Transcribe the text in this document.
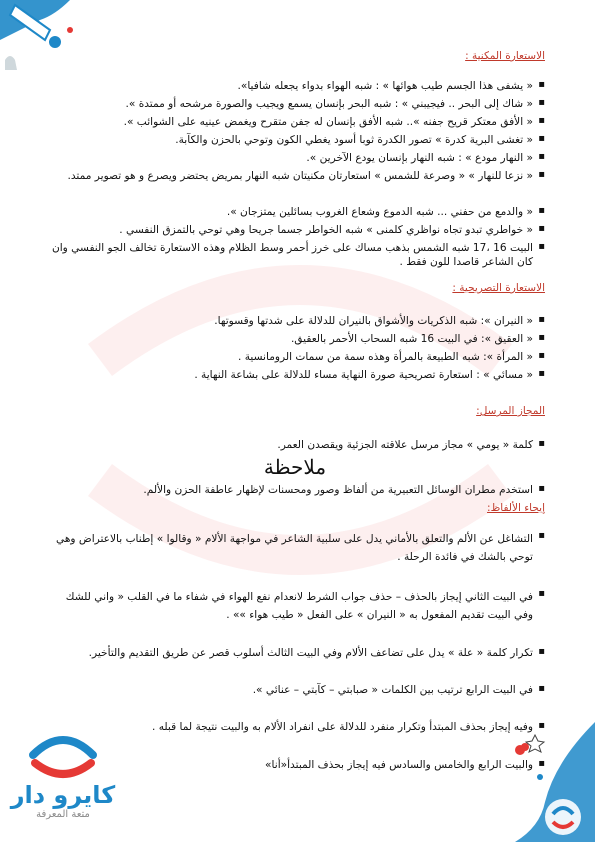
الاستعارة المكنية :
▪
« يشفى هذا الجسم طيب هوائها » : شبه الهواء بدواء يجعله شافيا».
▪
« شاك إلى البحر .. فيجيبني » : شبه البحر بإنسان يسمع ويجيب والصورة مرشحه أو ممتدة ».
▪
« الأفق معتكر قريح جفنه ».. شبه الأفق بإنسان له جفن متقرح ويغمض عينيه على الشوائب ».
▪
« تغشى البرية كدرة » تصور الكدرة ثوبا أسود يغطي الكون وتوحي بالحزن والكآبة.
▪
« النهار مودع » : شبه النهار بإنسان يودع الآخرين ».
▪
« نزعا للنهار » « وصرعة للشمس » استعارتان مكنيتان شبه النهار بمريض يحتضر ويصرع و هو تصوير ممتد.
▪
« والدمع من حفني ... شبه الدموع وشعاع الغروب بسائلين يمتزجان ».
▪
« خواطري تبدو تجاه نواظري كلمنى » شبه الخواطر جسما جريحا وهي توحي بالتمزق النفسي .
▪
البيت 16 ،17 شبه الشمس بذهب مساك على خرز أحمر وسط الظلام وهذه الاستعارة تخالف الجو النفسي وان كان الشاعر قاصدا للون فقط .
الاستعارة التصريحية :
▪
« النيران »: شبه الذكريات والأشواق بالنيران للدلالة على شدتها وقسوتها.
▪
« العقيق »: في البيت 16 شبه السحاب الأحمر بالعقيق.
▪
« المرأة »: شبه الطبيعة بالمرأة وهذه سمة من سمات الرومانسية .
▪
« مسائي » : استعارة تصريحية صورة النهاية مساء للدلالة على بشاعة النهاية .
المجاز المرسل:
▪
كلمة « يومي » مجاز مرسل علاقته الجزئية ويقصدن العمر.
ملاحظة
▪
استخدم مطران الوسائل التعبيرية من ألفاظ وصور ومحسنات لإظهار عاطفة الحزن والألم.
إيحاء الألفاظ:
▪
التشاغل عن الألم والتعلق بالأماني يدل على سلبية الشاعر في مواجهة الألام « وقالوا » إطناب بالاعتراض وهي توحي بالشك في فائدة الرحلة .
▪
في البيت الثاني إيجاز بالحذف – حذف جواب الشرط لانعدام نفع الهواء في شفاء ما في القلب « واني للشك وفي البيت تقديم المفعول به « النيران » على الفعل « طيب هواء »» .
▪
تكرار كلمة « علة » يدل على تضاعف الألام وفي البيت الثالث أسلوب قصر عن طريق التقديم والتأخير.
▪
في البيت الرابع ترتيب بين الكلمات « صبابتي – كآبتي – عنائي ».
▪
وفيه إيجاز بحذف المبتدأ وتكرار منفرد للدلالة على انفراد الألام به والبيت نتيجة لما قبله .
▪
والبيت الرابع والخامس والسادس فيه إيجاز بحذف المبتدأ«أنا»
كايرو دار
متعة المعرفة
